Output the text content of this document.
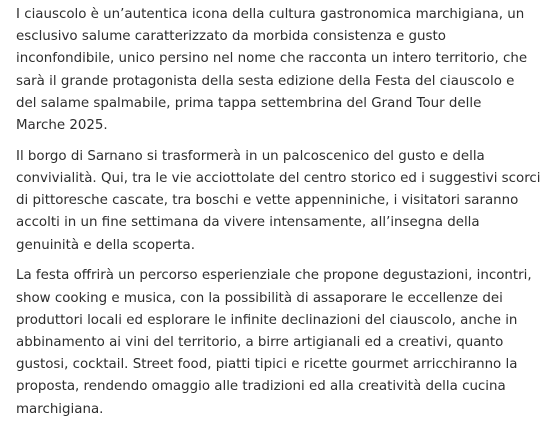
I ciauscolo è un’autentica icona della cultura gastronomica marchigiana, un
esclusivo salume caratterizzato da morbida consistenza e gusto
inconfondibile, unico persino nel nome che racconta un intero territorio, che
sarà il grande protagonista della sesta edizione della Festa del ciauscolo e
del salame spalmabile, prima tappa settembrina del Grand Tour delle
Marche 2025.

Il borgo di Sarnano si trasformerà in un palcoscenico del gusto e della
convivialità. Qui, tra le vie acciottolate del centro storico ed i suggestivi scorci
di pittoresche cascate, tra boschi e vette appenniniche, i visitatori saranno
accolti in un fine settimana da vivere intensamente, all’insegna della
genuinità e della scoperta.

La festa offrirà un percorso esperienziale che propone degustazioni, incontri,
show cooking e musica, con la possibilità di assaporare le eccellenze dei
produttori locali ed esplorare le infinite declinazioni del ciauscolo, anche in
abbinamento ai vini del territorio, a birre artigianali ed a creativi, quanto
gustosi, cocktail. Street food, piatti tipici e ricette gourmet arricchiranno la
proposta, rendendo omaggio alle tradizioni ed alla creatività della cucina
marchigiana.
